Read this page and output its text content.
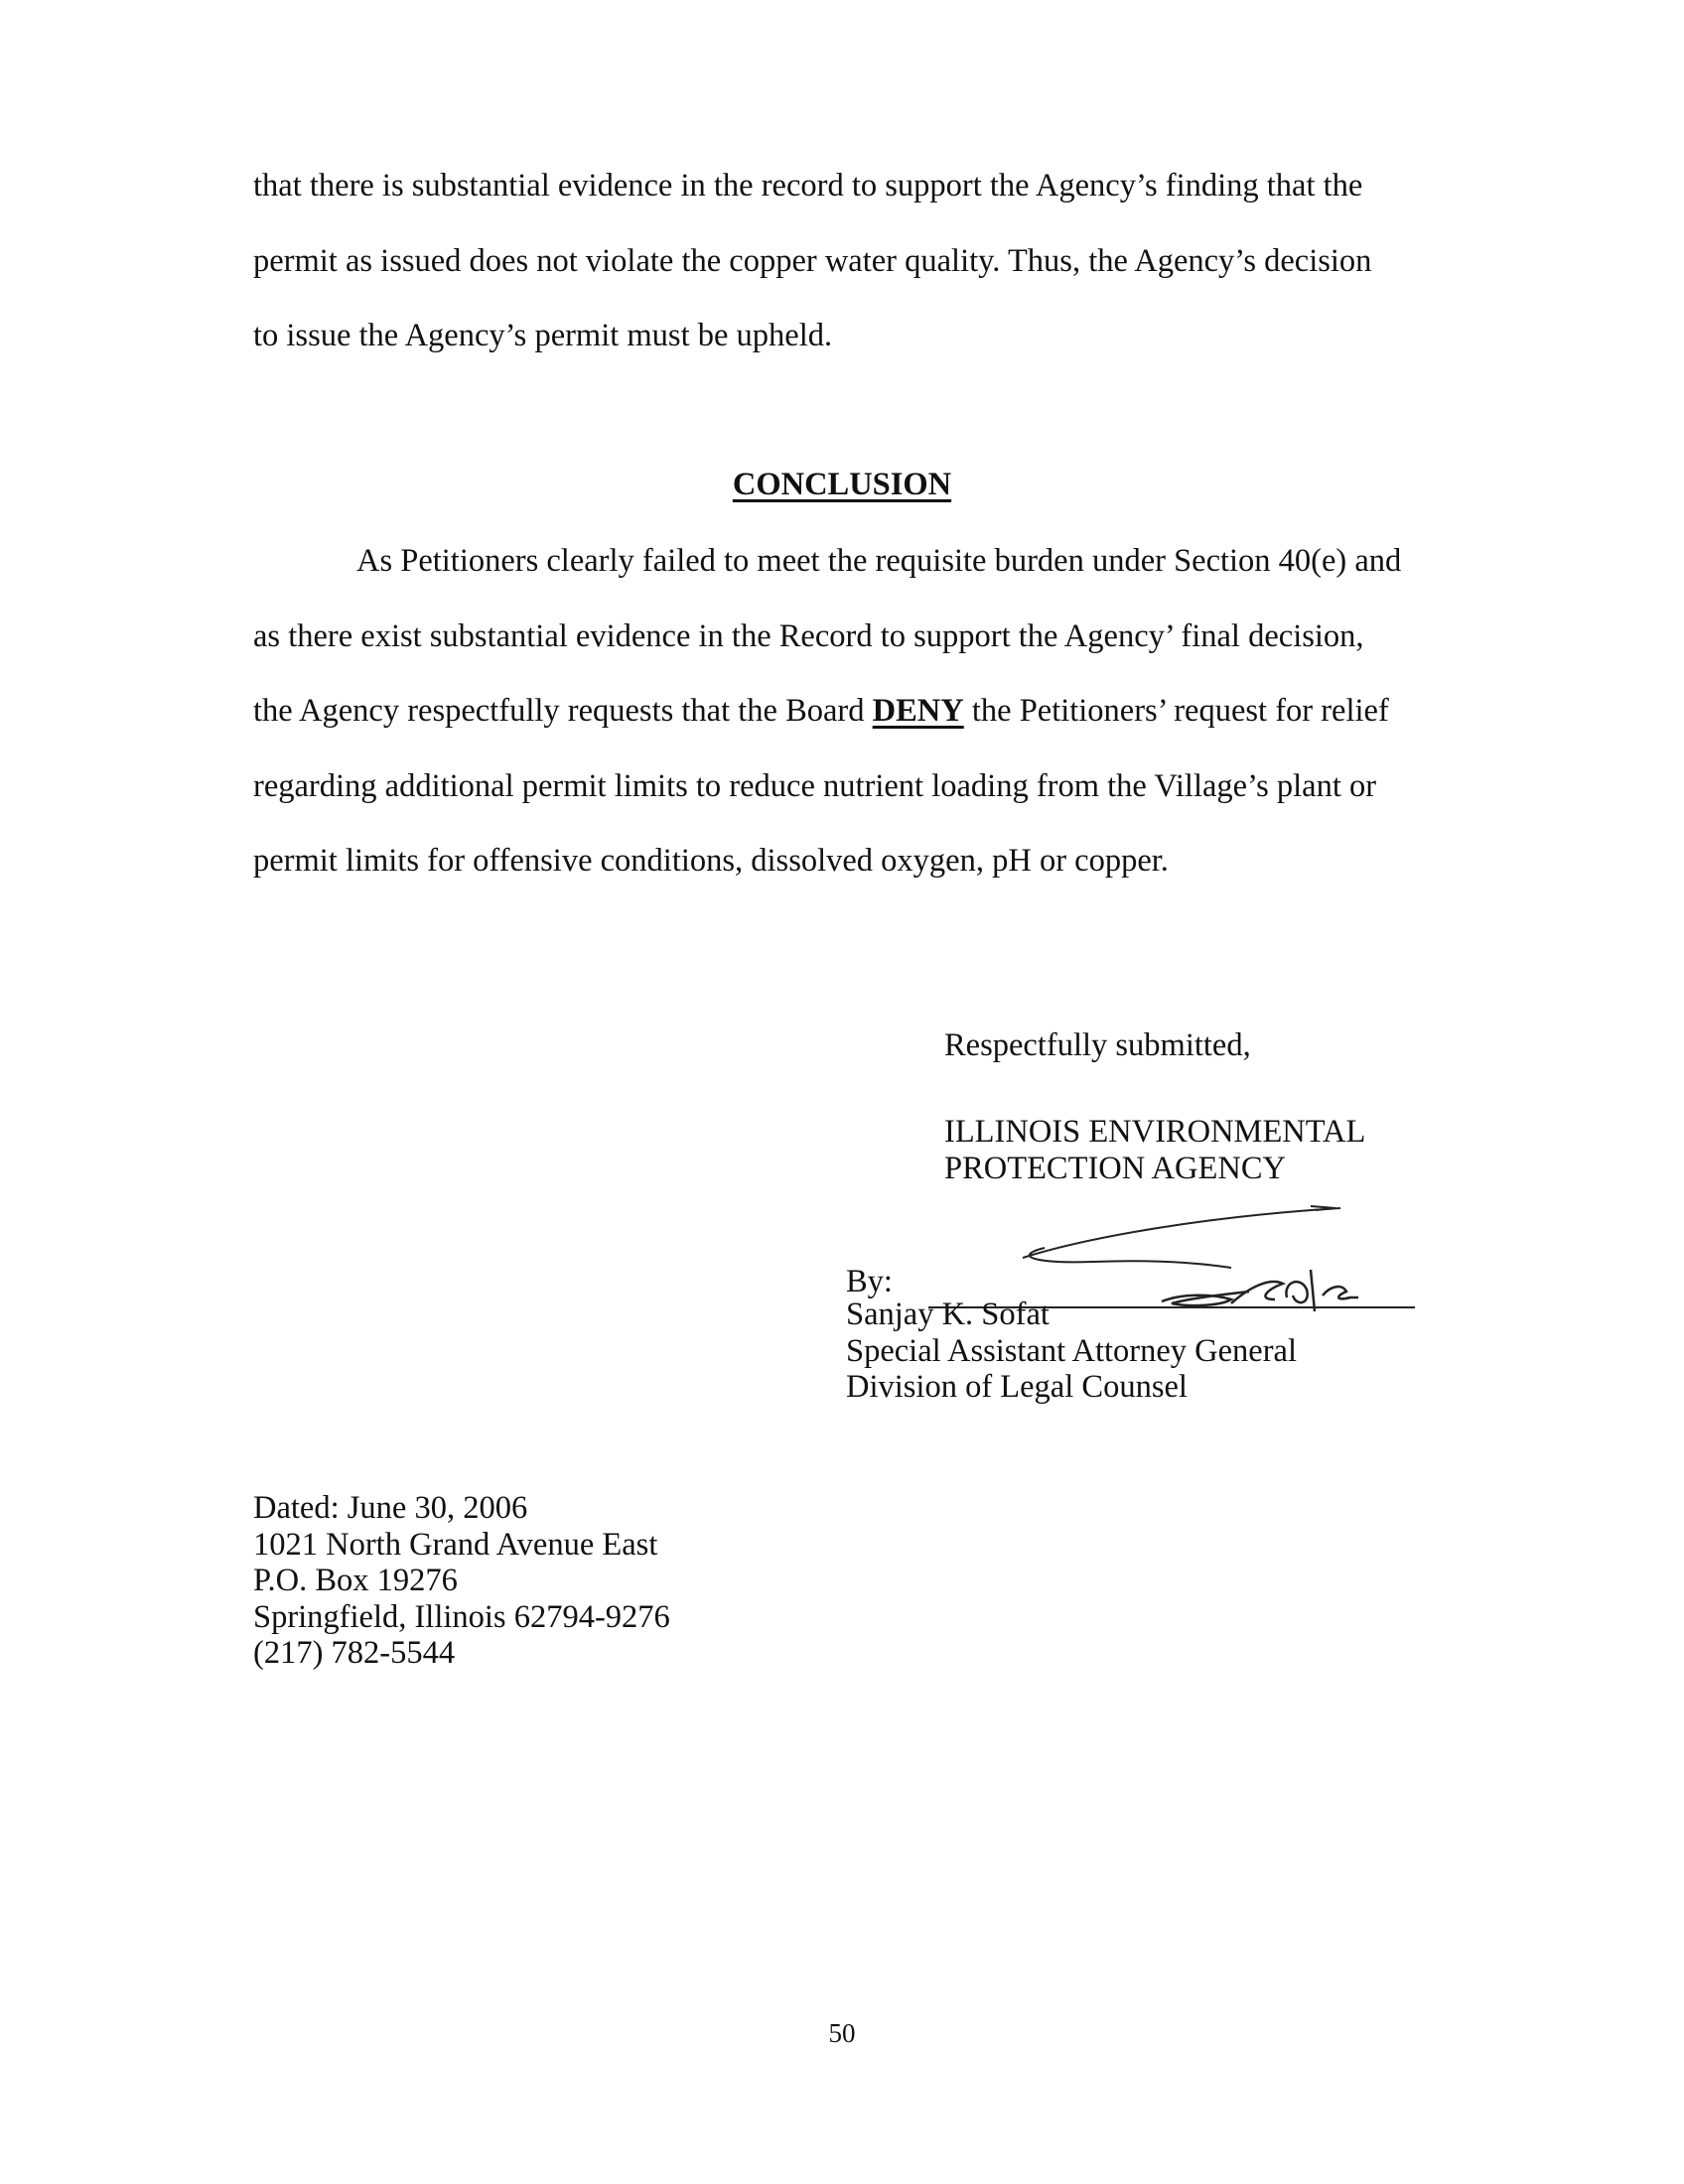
that there is substantial evidence in the record to support the Agency’s finding that the
permit as issued does not violate the copper water quality. Thus, the Agency’s decision
to issue the Agency’s permit must be upheld.
CONCLUSION
As Petitioners clearly failed to meet the requisite burden under Section 40(e) and
as there exist substantial evidence in the Record to support the Agency’ final decision,
the Agency respectfully requests that the Board DENY the Petitioners’ request for relief
regarding additional permit limits to reduce nutrient loading from the Village’s plant or
permit limits for offensive conditions, dissolved oxygen, pH or copper.
Respectfully submitted,
ILLINOIS ENVIRONMENTAL
PROTECTION AGENCY
By:
Sanjay K. Sofat
Special Assistant Attorney General
Division of Legal Counsel
Dated: June 30, 2006
1021 North Grand Avenue East
P.O. Box 19276
Springfield, Illinois 62794-9276
(217) 782-5544
50
